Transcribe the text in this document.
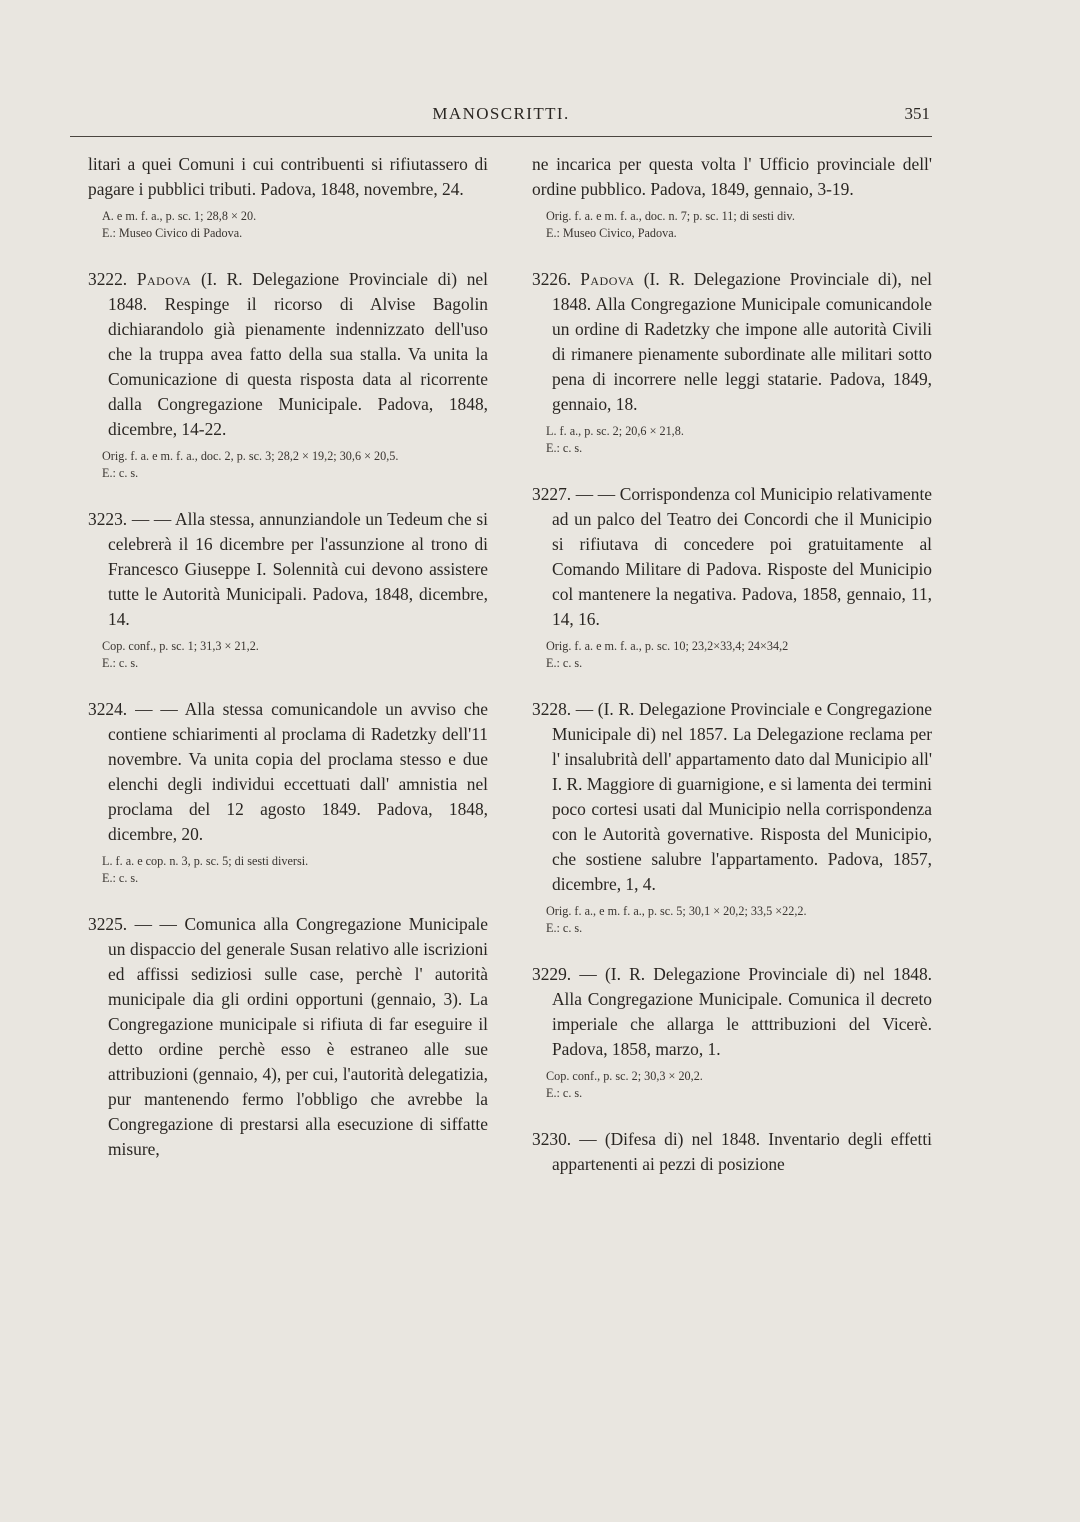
MANOSCRITTI.	351

litari a quei Comuni i cui contribuenti si rifiutassero di pagare i pubblici tributi. Padova, 1848, novembre, 24.

A. e m. f. a., p. sc. 1; 28,8 × 20.
E.: Museo Civico di Padova.

3222. Padova (I. R. Delegazione Provinciale di) nel 1848. Respinge il ricorso di Alvise Bagolin dichiarandolo già pienamente indennizzato dell'uso che la truppa avea fatto della sua stalla. Va unita la Comunicazione di questa risposta data al ricorrente dalla Congregazione Municipale. Padova, 1848, dicembre, 14-22.

Orig. f. a. e m. f. a., doc. 2, p. sc. 3; 28,2 × 19,2; 30,6 × 20,5.
E.: c. s.

3223. — — Alla stessa, annunziandole un Tedeum che si celebrerà il 16 dicembre per l'assunzione al trono di Francesco Giuseppe I. Solennità cui devono assistere tutte le Autorità Municipali. Padova, 1848, dicembre, 14.

Cop. conf., p. sc. 1; 31,3 × 21,2.
E.: c. s.

3224. — — Alla stessa comunicandole un avviso che contiene schiarimenti al proclama di Radetzky dell'11 novembre. Va unita copia del proclama stesso e due elenchi degli individui eccettuati dall' amnistia nel proclama del 12 agosto 1849. Padova, 1848, dicembre, 20.

L. f. a. e cop. n. 3, p. sc. 5; di sesti diversi.
E.: c. s.

3225. — — Comunica alla Congregazione Municipale un dispaccio del generale Susan relativo alle iscrizioni ed affissi sediziosi sulle case, perchè l' autorità municipale dia gli ordini opportuni (gennaio, 3). La Congregazione municipale si rifiuta di far eseguire il detto ordine perchè esso è estraneo alle sue attribuzioni (gennaio, 4), per cui, l'autorità delegatizia, pur mantenendo fermo l'obbligo che avrebbe la Congregazione di prestarsi alla esecuzione di siffatte misure,

ne incarica per questa volta l' Ufficio provinciale dell' ordine pubblico. Padova, 1849, gennaio, 3-19.

Orig. f. a. e m. f. a., doc. n. 7; p. sc. 11; di sesti div.
E.: Museo Civico, Padova.

3226. Padova (I. R. Delegazione Provinciale di), nel 1848. Alla Congregazione Municipale comunicandole un ordine di Radetzky che impone alle autorità Civili di rimanere pienamente subordinate alle militari sotto pena di incorrere nelle leggi statarie. Padova, 1849, gennaio, 18.

L. f. a., p. sc. 2; 20,6 × 21,8.
E.: c. s.

3227. — — Corrispondenza col Municipio relativamente ad un palco del Teatro dei Concordi che il Municipio si rifiutava di concedere poi gratuitamente al Comando Militare di Padova. Risposte del Municipio col mantenere la negativa. Padova, 1858, gennaio, 11, 14, 16.

Orig. f. a. e m. f. a., p. sc. 10; 23,2×33,4; 24×34,2
E.: c. s.

3228. — (I. R. Delegazione Provinciale e Congregazione Municipale di) nel 1857. La Delegazione reclama per l' insalubrità dell' appartamento dato dal Municipio all' I. R. Maggiore di guarnigione, e si lamenta dei termini poco cortesi usati dal Municipio nella corrispondenza con le Autorità governative. Risposta del Municipio, che sostiene salubre l'appartamento. Padova, 1857, dicembre, 1, 4.

Orig. f. a., e m. f. a., p. sc. 5; 30,1 × 20,2; 33,5 ×22,2.
E.: c. s.

3229. — (I. R. Delegazione Provinciale di) nel 1848. Alla Congregazione Municipale. Comunica il decreto imperiale che allarga le atttribuzioni del Vicerè. Padova, 1858, marzo, 1.

Cop. conf., p. sc. 2; 30,3 × 20,2.
E.: c. s.

3230. — (Difesa di) nel 1848. Inventario degli effetti appartenenti ai pezzi di posizione
